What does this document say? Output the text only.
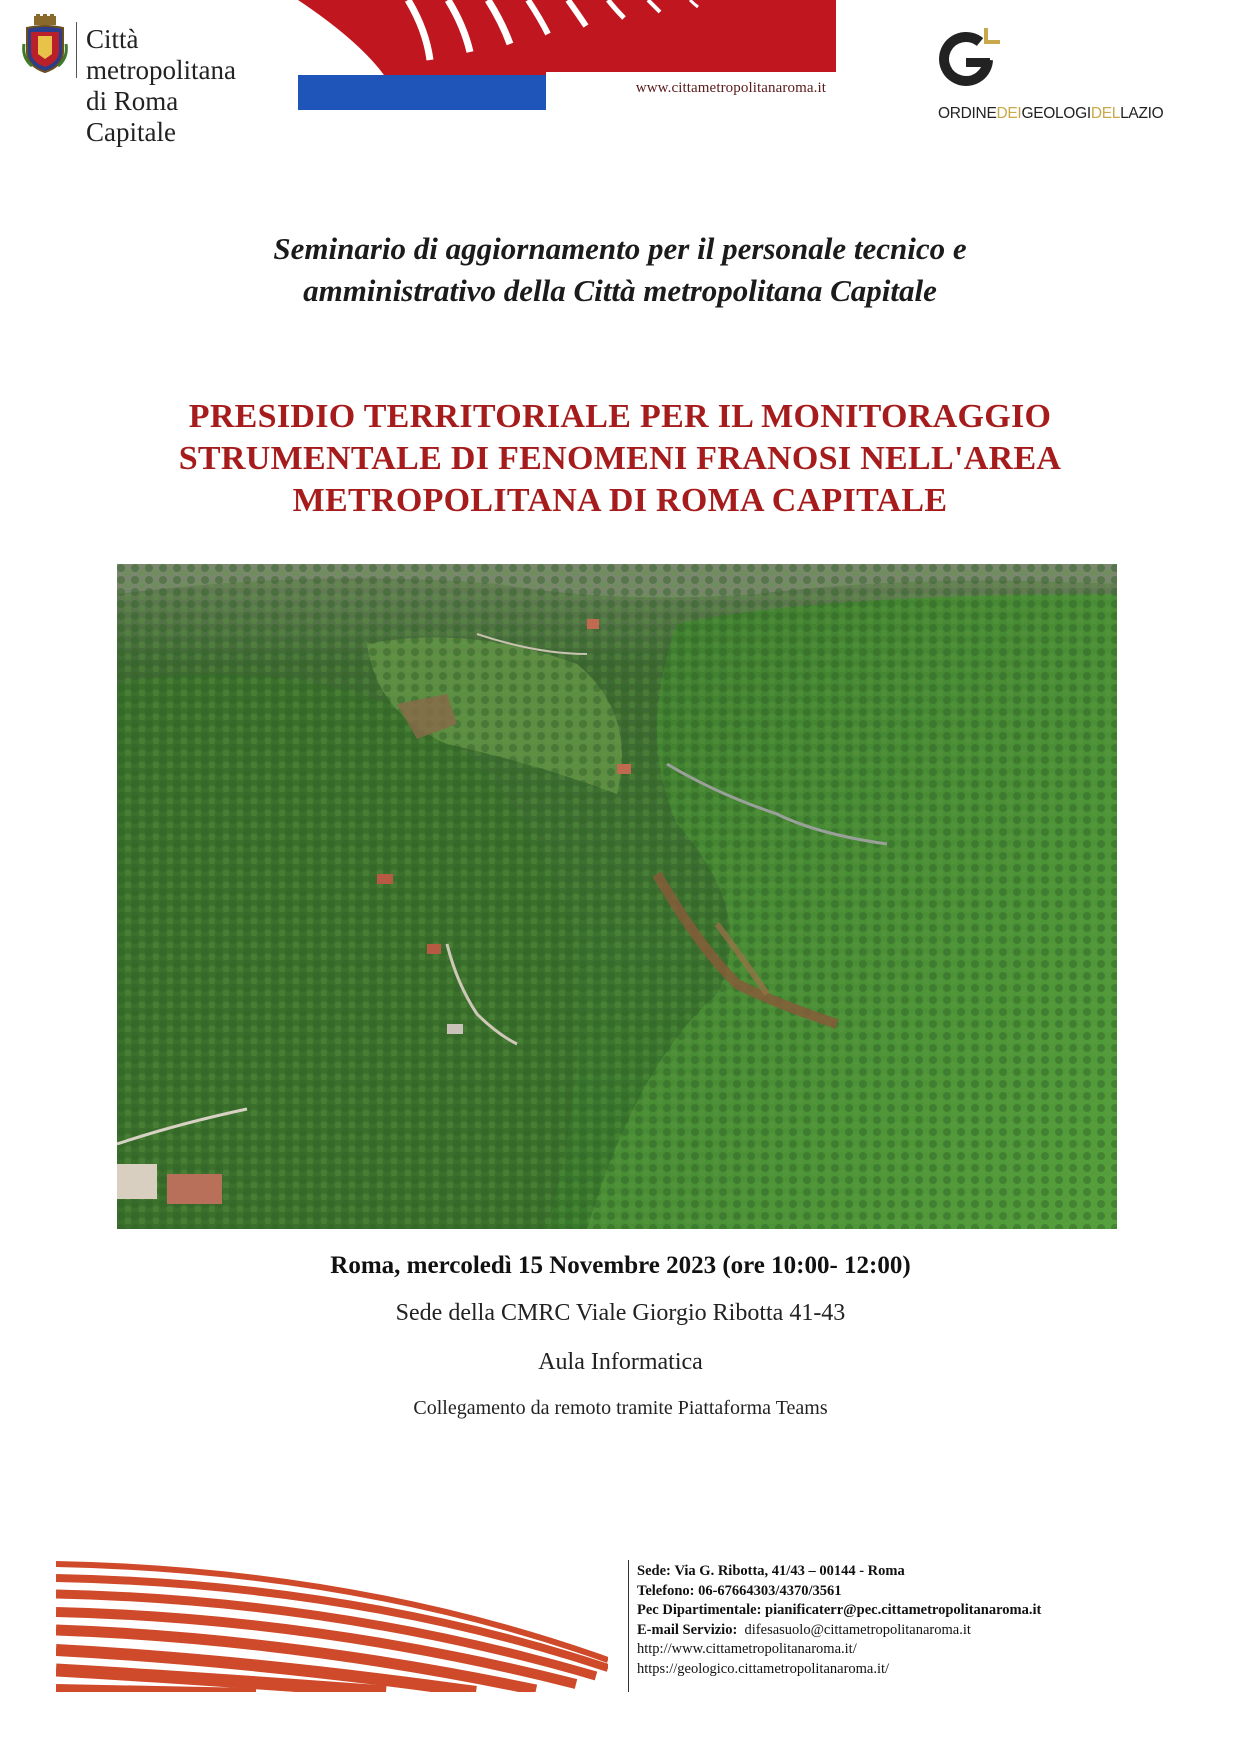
Città metropolitana
di Roma Capitale
www.cittametropolitanaroma.it
ORDINEDEIGEOLOGIDELLAZIO
Seminario di aggiornamento per il personale tecnico e
amministrativo della Città metropolitana Capitale
PRESIDIO TERRITORIALE PER IL MONITORAGGIO
STRUMENTALE DI FENOMENI FRANOSI NELL'AREA
METROPOLITANA DI ROMA CAPITALE
Roma, mercoledì 15 Novembre 2023 (ore 10:00- 12:00)
Sede della CMRC Viale Giorgio Ribotta 41-43
Aula Informatica
Collegamento da remoto tramite Piattaforma Teams
Sede: Via G. Ribotta, 41/43 – 00144 - Roma
Telefono: 06-67664303/4370/3561
Pec Dipartimentale: pianificaterr@pec.cittametropolitanaroma.it
E-mail Servizio: difesasuolo@cittametropolitanaroma.it
http://www.cittametropolitanaroma.it/
https://geologico.cittametropolitanaroma.it/
